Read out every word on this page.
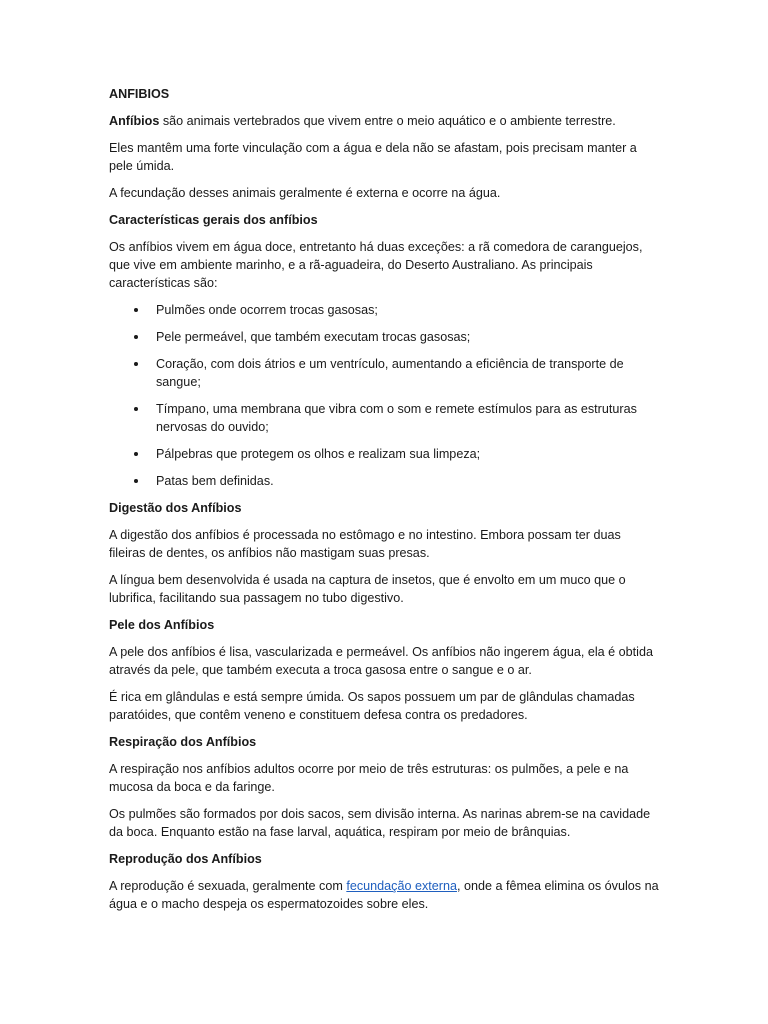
ANFIBIOS

Anfíbios são animais vertebrados que vivem entre o meio aquático e o ambiente terrestre.

Eles mantêm uma forte vinculação com a água e dela não se afastam, pois precisam manter a pele úmida.

A fecundação desses animais geralmente é externa e ocorre na água.

Características gerais dos anfíbios

Os anfíbios vivem em água doce, entretanto há duas exceções: a rã comedora de caranguejos, que vive em ambiente marinho, e a rã-aguadeira, do Deserto Australiano. As principais características são:

Pulmões onde ocorrem trocas gasosas;
Pele permeável, que também executam trocas gasosas;
Coração, com dois átrios e um ventrículo, aumentando a eficiência de transporte de sangue;
Tímpano, uma membrana que vibra com o som e remete estímulos para as estruturas nervosas do ouvido;
Pálpebras que protegem os olhos e realizam sua limpeza;
Patas bem definidas.

Digestão dos Anfíbios

A digestão dos anfíbios é processada no estômago e no intestino. Embora possam ter duas fileiras de dentes, os anfíbios não mastigam suas presas.

A língua bem desenvolvida é usada na captura de insetos, que é envolto em um muco que o lubrifica, facilitando sua passagem no tubo digestivo.

Pele dos Anfíbios

A pele dos anfíbios é lisa, vascularizada e permeável. Os anfíbios não ingerem água, ela é obtida através da pele, que também executa a troca gasosa entre o sangue e o ar.

É rica em glândulas e está sempre úmida. Os sapos possuem um par de glândulas chamadas paratóides, que contêm veneno e constituem defesa contra os predadores.

Respiração dos Anfíbios

A respiração nos anfíbios adultos ocorre por meio de três estruturas: os pulmões, a pele e na mucosa da boca e da faringe.

Os pulmões são formados por dois sacos, sem divisão interna. As narinas abrem-se na cavidade da boca. Enquanto estão na fase larval, aquática, respiram por meio de brânquias.

Reprodução dos Anfíbios

A reprodução é sexuada, geralmente com fecundação externa, onde a fêmea elimina os óvulos na água e o macho despeja os espermatozoides sobre eles.
